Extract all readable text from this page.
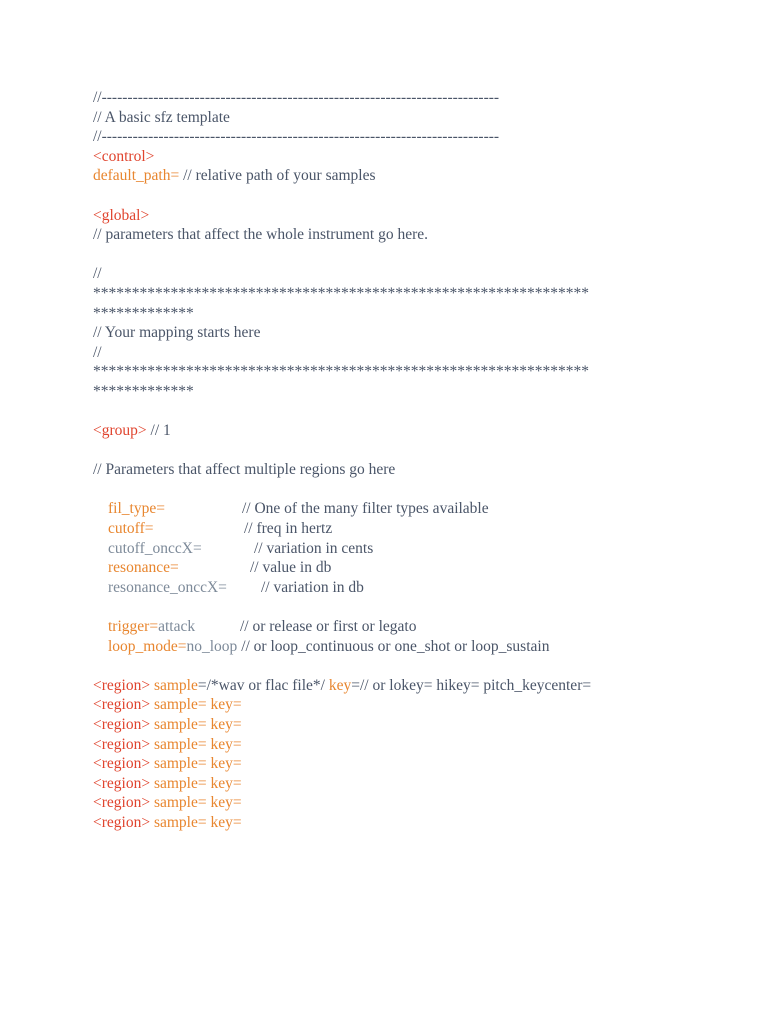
//-----------------------------------------------------------------------------
// A basic sfz template
//-----------------------------------------------------------------------------
<control>
default_path= // relative path of your samples
<global>
// parameters that affect the whole instrument go here.
//
****************************************************************
*************
// Your mapping starts here
//
****************************************************************
*************
<group> // 1
// Parameters that affect multiple regions go here
fil_type=	// One of the many filter types available
cutoff=	// freq in hertz
cutoff_onccX=	// variation in cents
resonance=	// value in db
resonance_onccX= // variation in db
trigger=attack	// or release or first or legato
loop_mode=no_loop // or loop_continuous or one_shot or loop_sustain
<region> sample=/*wav or flac file*/ key=// or lokey= hikey= pitch_keycenter=
<region> sample= key=
<region> sample= key=
<region> sample= key=
<region> sample= key=
<region> sample= key=
<region> sample= key=
<region> sample= key=
